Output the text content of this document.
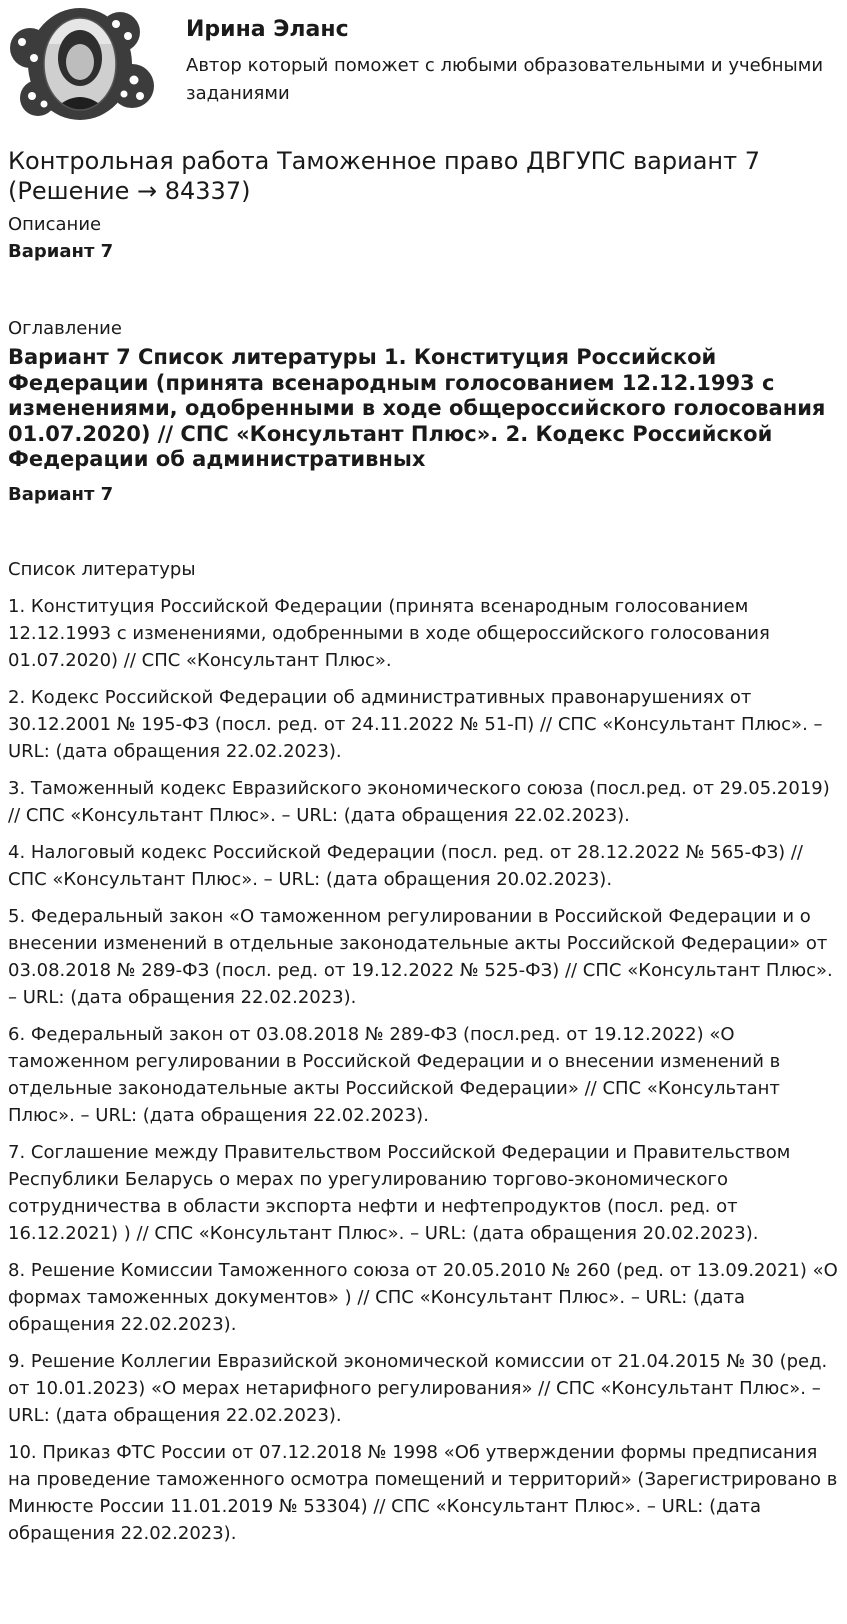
Ирина Эланс
Автор который поможет с любыми образовательными и учебными заданиями
Контрольная работа Таможенное право ДВГУПС вариант 7 (Решение → 84337)
Описание
Вариант 7
Оглавление
Вариант 7 Список литературы 1. Конституция Российской Федерации (принята всенародным голосованием 12.12.1993 с изменениями, одобренными в ходе общероссийского голосования 01.07.2020) // СПС «Консультант Плюс». 2. Кодекс Российской Федерации об административных
Вариант 7
Список литературы
1. Конституция Российской Федерации (принята всенародным голосованием 12.12.1993 с изменениями, одобренными в ходе общероссийского голосования 01.07.2020) // СПС «Консультант Плюс».
2. Кодекс Российской Федерации об административных правонарушениях от 30.12.2001 № 195-ФЗ (посл. ред. от 24.11.2022 № 51-П) // СПС «Консультант Плюс». – URL: (дата обращения 22.02.2023).
3. Таможенный кодекс Евразийского экономического союза (посл.ред. от 29.05.2019) // СПС «Консультант Плюс». – URL: (дата обращения 22.02.2023).
4. Налоговый кодекс Российской Федерации (посл. ред. от 28.12.2022 № 565-ФЗ) // СПС «Консультант Плюс». – URL: (дата обращения 20.02.2023).
5. Федеральный закон «О таможенном регулировании в Российской Федерации и о внесении изменений в отдельные законодательные акты Российской Федерации» от 03.08.2018 № 289-ФЗ (посл. ред. от 19.12.2022 № 525-ФЗ) // СПС «Консультант Плюс». – URL: (дата обращения 22.02.2023).
6. Федеральный закон от 03.08.2018 № 289-ФЗ (посл.ред. от 19.12.2022) «О таможенном регулировании в Российской Федерации и о внесении изменений в отдельные законодательные акты Российской Федерации» // СПС «Консультант Плюс». – URL: (дата обращения 22.02.2023).
7. Соглашение между Правительством Российской Федерации и Правительством Республики Беларусь о мерах по урегулированию торгово-экономического сотрудничества в области экспорта нефти и нефтепродуктов (посл. ред. от 16.12.2021) ) // СПС «Консультант Плюс». – URL: (дата обращения 20.02.2023).
8. Решение Комиссии Таможенного союза от 20.05.2010 № 260 (ред. от 13.09.2021) «О формах таможенных документов» ) // СПС «Консультант Плюс». – URL: (дата обращения 22.02.2023).
9. Решение Коллегии Евразийской экономической комиссии от 21.04.2015 № 30 (ред. от 10.01.2023) «О мерах нетарифного регулирования» // СПС «Консультант Плюс». – URL: (дата обращения 22.02.2023).
10. Приказ ФТС России от 07.12.2018 № 1998 «Об утверждении формы предписания на проведение таможенного осмотра помещений и территорий» (Зарегистрировано в Минюсте России 11.01.2019 № 53304) // СПС «Консультант Плюс». – URL: (дата обращения 22.02.2023).
